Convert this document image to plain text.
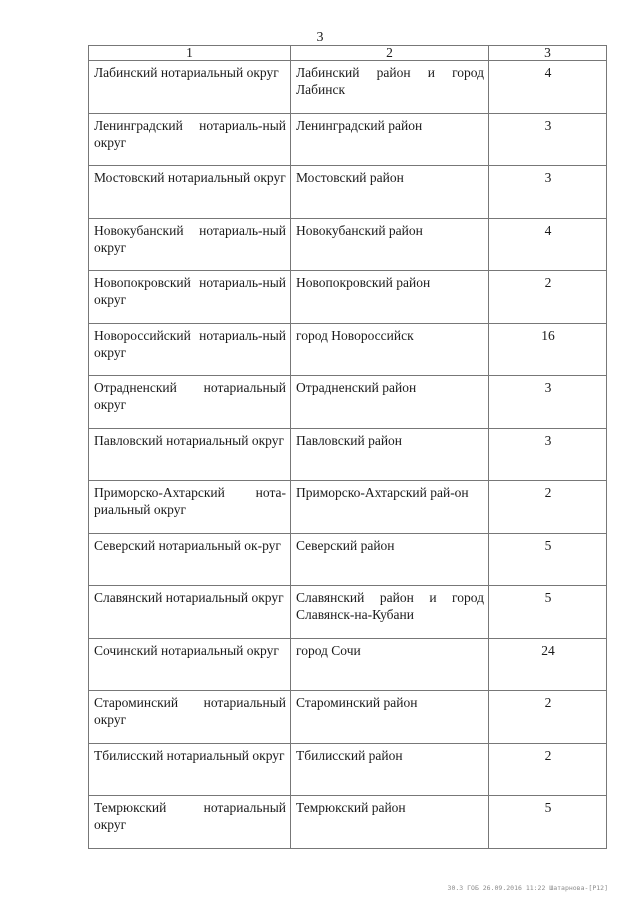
3
1	2	3
Лабинский нотариальный округ	Лабинский район и город Лабинск	4
Ленинградский нотариаль-ный округ	Ленинградский район	3
Мостовский нотариальный округ	Мостовский район	3
Новокубанский нотариаль-ный округ	Новокубанский район	4
Новопокровский нотариаль-ный округ	Новопокровский район	2
Новороссийский нотариаль-ный округ	город Новороссийск	16
Отрадненский нотариальный округ	Отрадненский район	3
Павловский нотариальный округ	Павловский район	3
Приморско-Ахтарский нота-риальный округ	Приморско-Ахтарский рай-он	2
Северский нотариальный ок-руг	Северский район	5
Славянский нотариальный округ	Славянский район и город Славянск-на-Кубани	5
Сочинский нотариальный округ	город Сочи	24
Староминский нотариальный округ	Староминский район	2
Тбилисский нотариальный округ	Тбилисский район	2
Темрюкский нотариальный округ	Темрюкский район	5
30.3 ГОБ 26.09.2016 11:22 Шатарнова-[Р12]
